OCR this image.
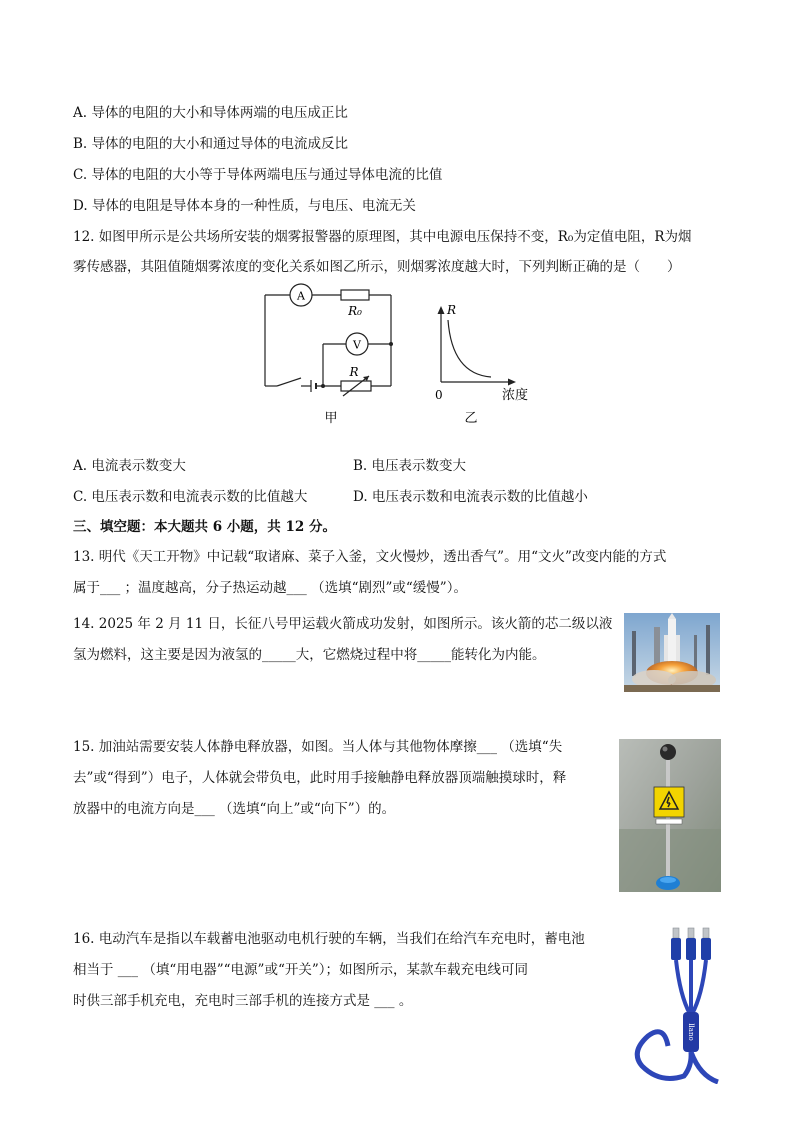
A. 导体的电阻的大小和导体两端的电压成正比
B. 导体的电阻的大小和通过导体的电流成反比
C. 导体的电阻的大小等于导体两端电压与通过导体电流的比值
D. 导体的电阻是导体本身的一种性质，与电压、电流无关
12. 如图甲所示是公共场所安装的烟雾报警器的原理图，其中电源电压保持不变，R₀为定值电阻，R为烟
雾传感器，其阻值随烟雾浓度的变化关系如图乙所示，则烟雾浓度越大时，下列判断正确的是（　　）
A
V
R₀
R
甲
R
0	浓度
乙
A. 电流表示数变大	B. 电压表示数变大
C. 电压表示数和电流表示数的比值越大	D. 电压表示数和电流表示数的比值越小
三、填空题：本大题共 6 小题，共 12 分。
13. 明代《天工开物》中记载“取诸麻、菜子入釜，文火慢炒，透出香气”。用“文火”改变内能的方式
属于___ ；温度越高，分子热运动越___ （选填“剧烈”或“缓慢”）。
14. 2025 年 2 月 11 日，长征八号甲运载火箭成功发射，如图所示。该火箭的芯二级以液
氢为燃料，这主要是因为液氢的_____大，它燃烧过程中将_____能转化为内能。
15. 加油站需要安装人体静电释放器，如图。当人体与其他物体摩擦___ （选填“失
去”或“得到”）电子，人体就会带负电，此时用手接触静电释放器顶端触摸球时，释
放器中的电流方向是___ （选填“向上”或“向下”）的。
16. 电动汽车是指以车载蓄电池驱动电机行驶的车辆，当我们在给汽车充电时，蓄电池
相当于 ___ （填“用电器”“电源”或“开关”）；如图所示，某款车载充电线可同
时供三部手机充电，充电时三部手机的连接方式是 ___ 。
llano
